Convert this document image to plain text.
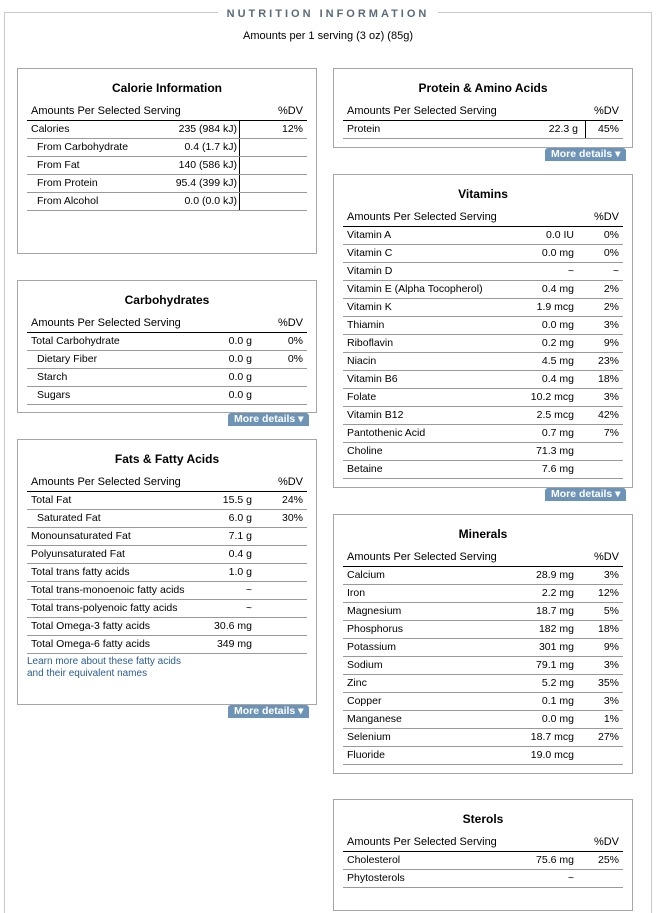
NUTRITION INFORMATION
Amounts per 1 serving (3 oz) (85g)
Calorie Information
Amounts Per Selected Serving	%DV
Calories	235 (984 kJ)	12%
From Carbohydrate	0.4 (1.7 kJ)
From Fat	140 (586 kJ)
From Protein	95.4 (399 kJ)
From Alcohol	0.0 (0.0 kJ)
Carbohydrates
Amounts Per Selected Serving	%DV
Total Carbohydrate	0.0 g	0%
Dietary Fiber	0.0 g	0%
Starch	0.0 g
Sugars	0.0 g
More details ▾
Fats & Fatty Acids
Amounts Per Selected Serving	%DV
Learn more about these fatty acids
and their equivalent names
Total Fat	15.5 g	24%
Saturated Fat	6.0 g	30%
Monounsaturated Fat	7.1 g
Polyunsaturated Fat	0.4 g
Total trans fatty acids	1.0 g
Total trans-monoenoic fatty acids	~
Total trans-polyenoic fatty acids	~
Total Omega-3 fatty acids	30.6 mg
Total Omega-6 fatty acids	349 mg
More details ▾
Protein & Amino Acids
Amounts Per Selected Serving	%DV
Protein	22.3 g 45%
More details ▾
Vitamins
Amounts Per Selected Serving	%DV
Vitamin A	0.0 IU	0%
Vitamin C	0.0 mg	0%
Vitamin D	~	~
Vitamin E (Alpha Tocopherol)	0.4 mg	2%
Vitamin K	1.9 mcg	2%
Thiamin	0.0 mg	3%
Riboflavin	0.2 mg	9%
Niacin	4.5 mg 23%
Vitamin B6	0.4 mg 18%
Folate	10.2 mcg	3%
Vitamin B12	2.5 mcg 42%
Pantothenic Acid	0.7 mg	7%
Choline	71.3 mg
Betaine	7.6 mg
More details ▾
Minerals
Amounts Per Selected Serving	%DV
Calcium	28.9 mg	3%
Iron	2.2 mg 12%
Magnesium	18.7 mg	5%
Phosphorus	182 mg 18%
Potassium	301 mg	9%
Sodium	79.1 mg	3%
Zinc	5.2 mg 35%
Copper	0.1 mg	3%
Manganese	0.0 mg	1%
Selenium	18.7 mcg 27%
Fluoride	19.0 mcg
Sterols
Amounts Per Selected Serving	%DV
Cholesterol	75.6 mg 25%
Phytosterols	~
